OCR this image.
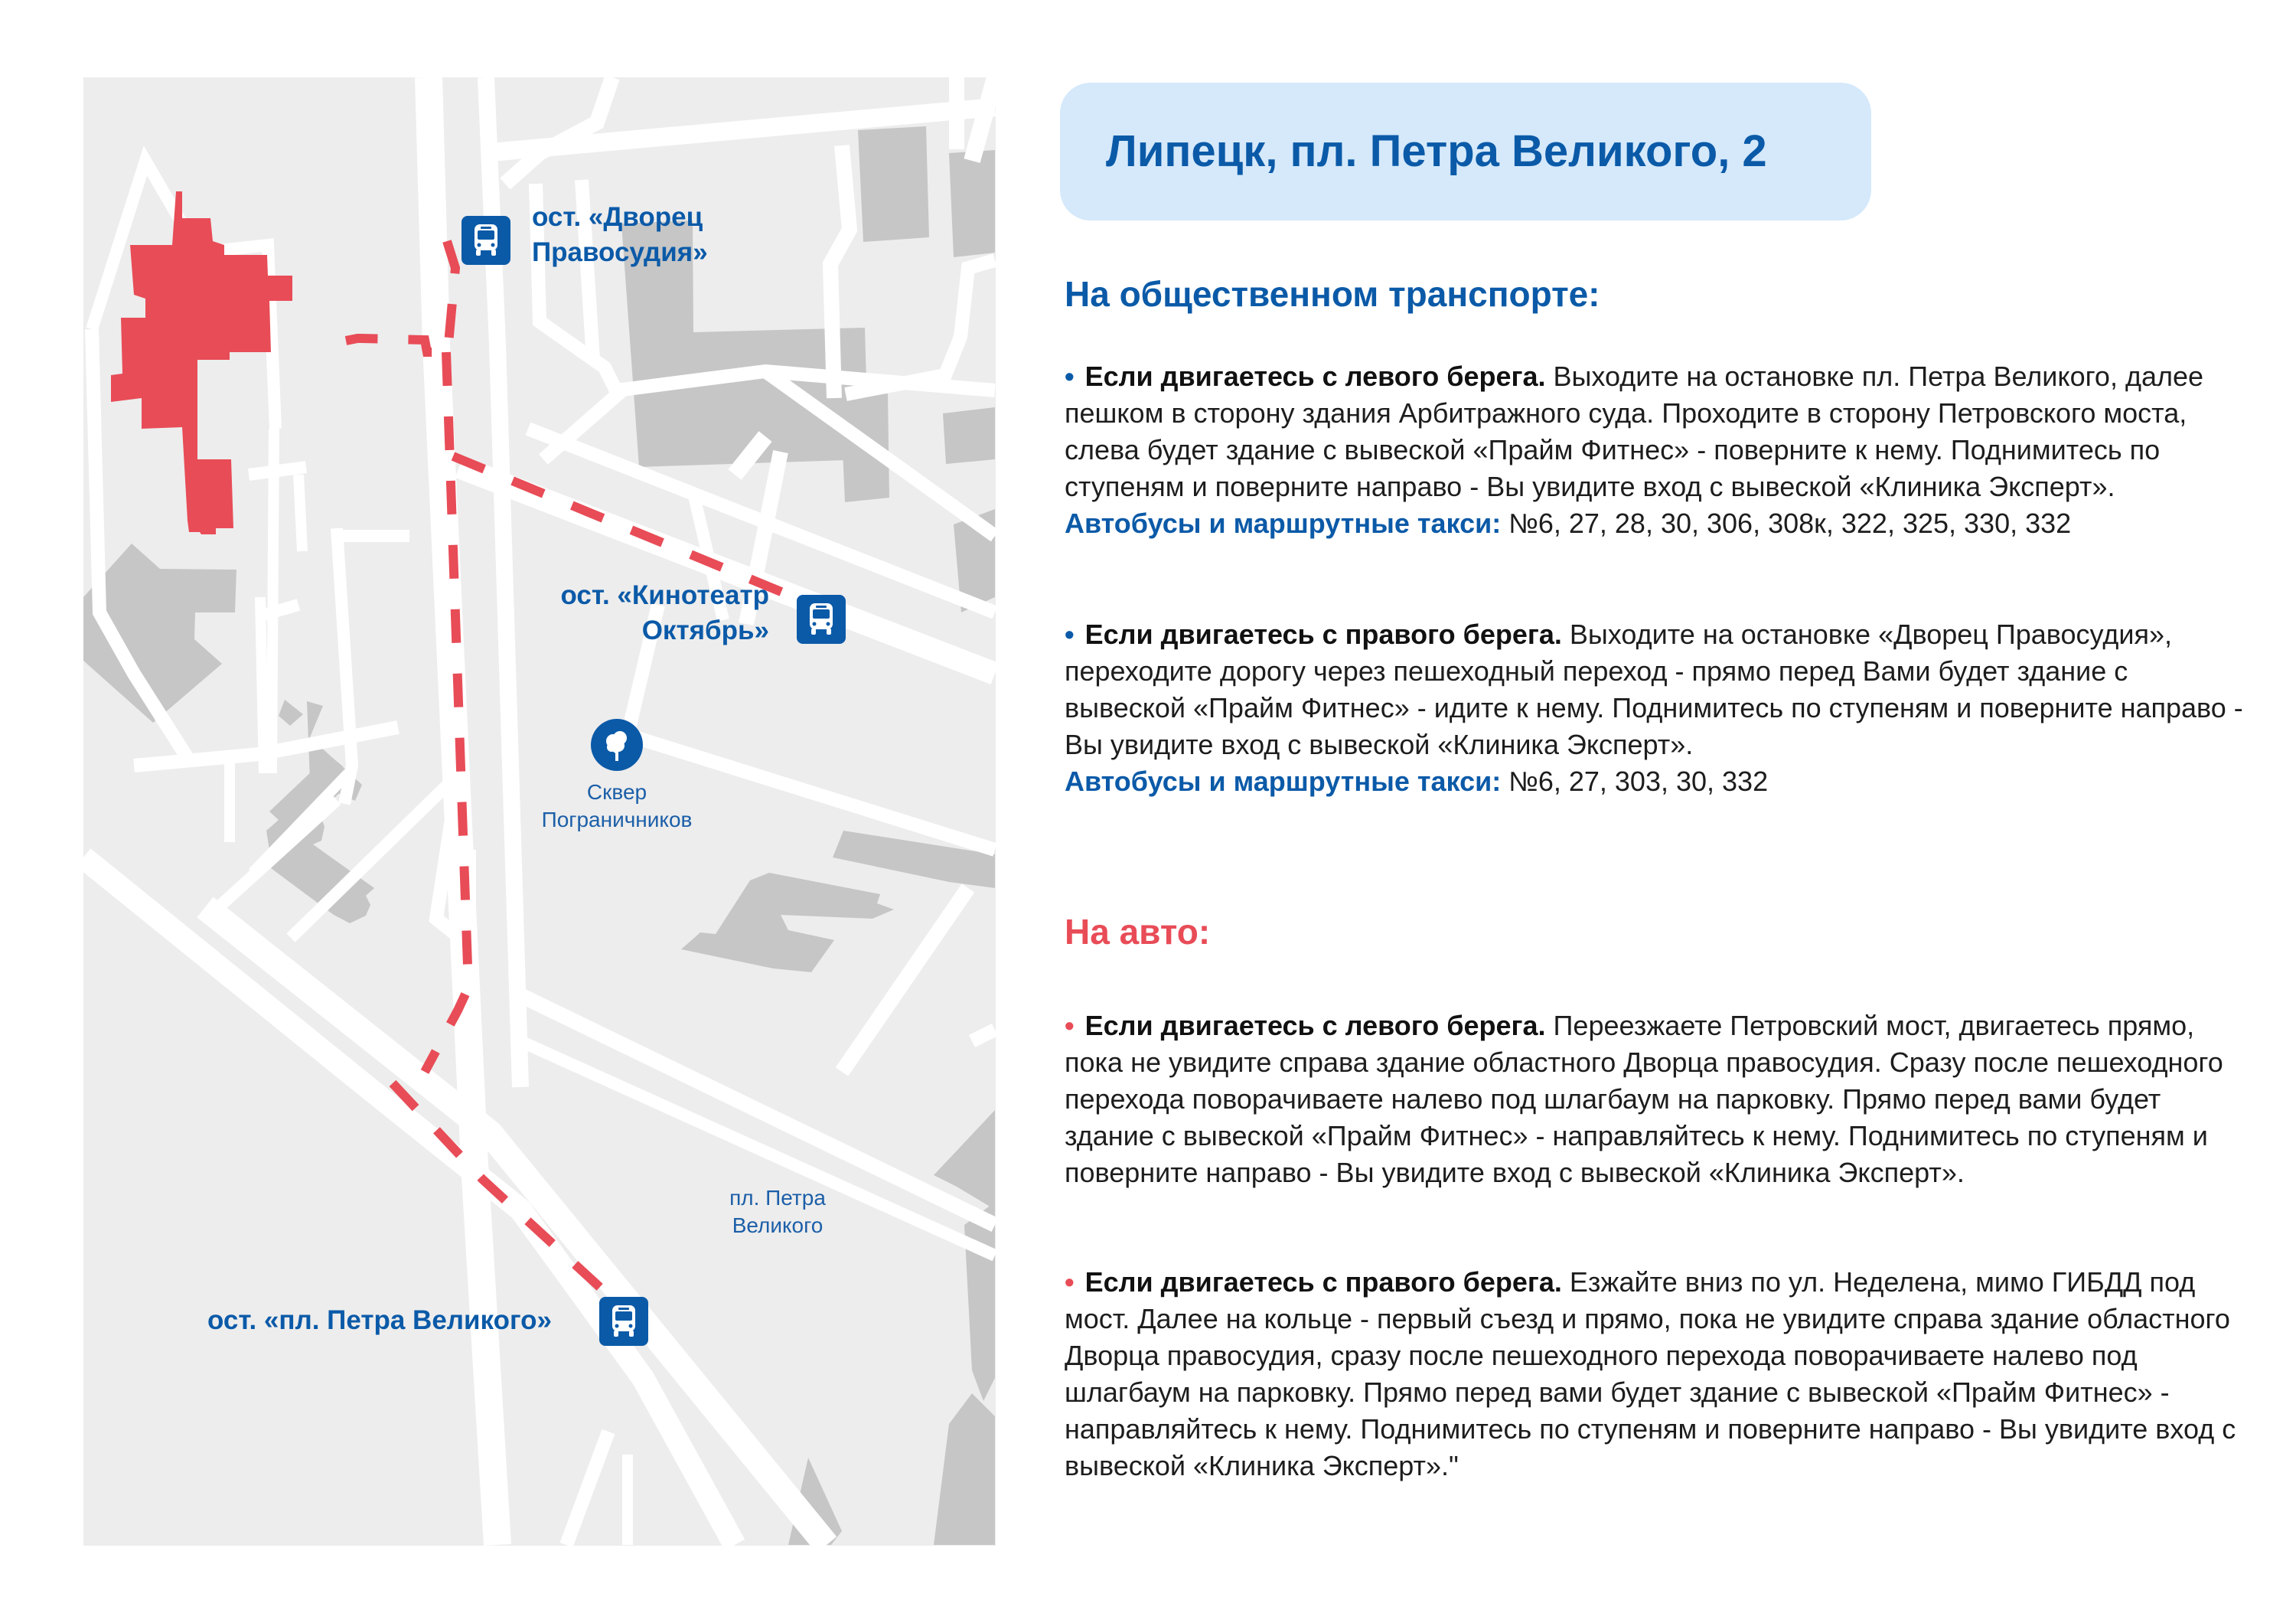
ост. «Дворец
Правосудия»
ост. «Кинотеатр
Октябрь»
ост. «пл. Петра Великого»
Сквер
Пограничников
пл. Петра
Великого
Липецк, пл. Петра Великого, 2
На общественном транспорте:
• Если двигаетесь с левого берега. Выходите на остановке пл. Петра Великого, далее пешком в сторону здания Арбитражного суда. Проходите в сторону Петровского моста, слева будет здание с вывеской «Прайм Фитнес» - поверните к нему. Поднимитесь по ступеням и поверните направо - Вы увидите вход с вывеской «Клиника Эксперт».
Автобусы и маршрутные такси: №6, 27, 28, 30, 306, 308к, 322, 325, 330, 332
• Если двигаетесь с правого берега. Выходите на остановке «Дворец Правосудия», переходите дорогу через пешеходный переход - прямо перед Вами будет здание с вывеской «Прайм Фитнес» - идите к нему. Поднимитесь по ступеням и поверните направо - Вы увидите вход с вывеской «Клиника Эксперт».
Автобусы и маршрутные такси: №6, 27, 303, 30, 332
На авто:
• Если двигаетесь с левого берега. Переезжаете Петровский мост, двигаетесь прямо, пока не увидите справа здание областного Дворца правосудия. Сразу после пешеходного перехода поворачиваете налево под шлагбаум на парковку. Прямо перед вами будет здание с вывеской «Прайм Фитнес» - направляйтесь к нему. Поднимитесь по ступеням и поверните направо - Вы увидите вход с вывеской «Клиника Эксперт».
• Если двигаетесь с правого берега. Езжайте вниз по ул. Неделена, мимо ГИБДД под мост. Далее на кольце - первый съезд и прямо, пока не увидите справа здание областного Дворца правосудия, сразу после пешеходного перехода поворачиваете налево под шлагбаум на парковку. Прямо перед вами будет здание с вывеской «Прайм Фитнес» - направляйтесь к нему. Поднимитесь по ступеням и поверните направо - Вы увидите вход с вывеской «Клиника Эксперт»."
